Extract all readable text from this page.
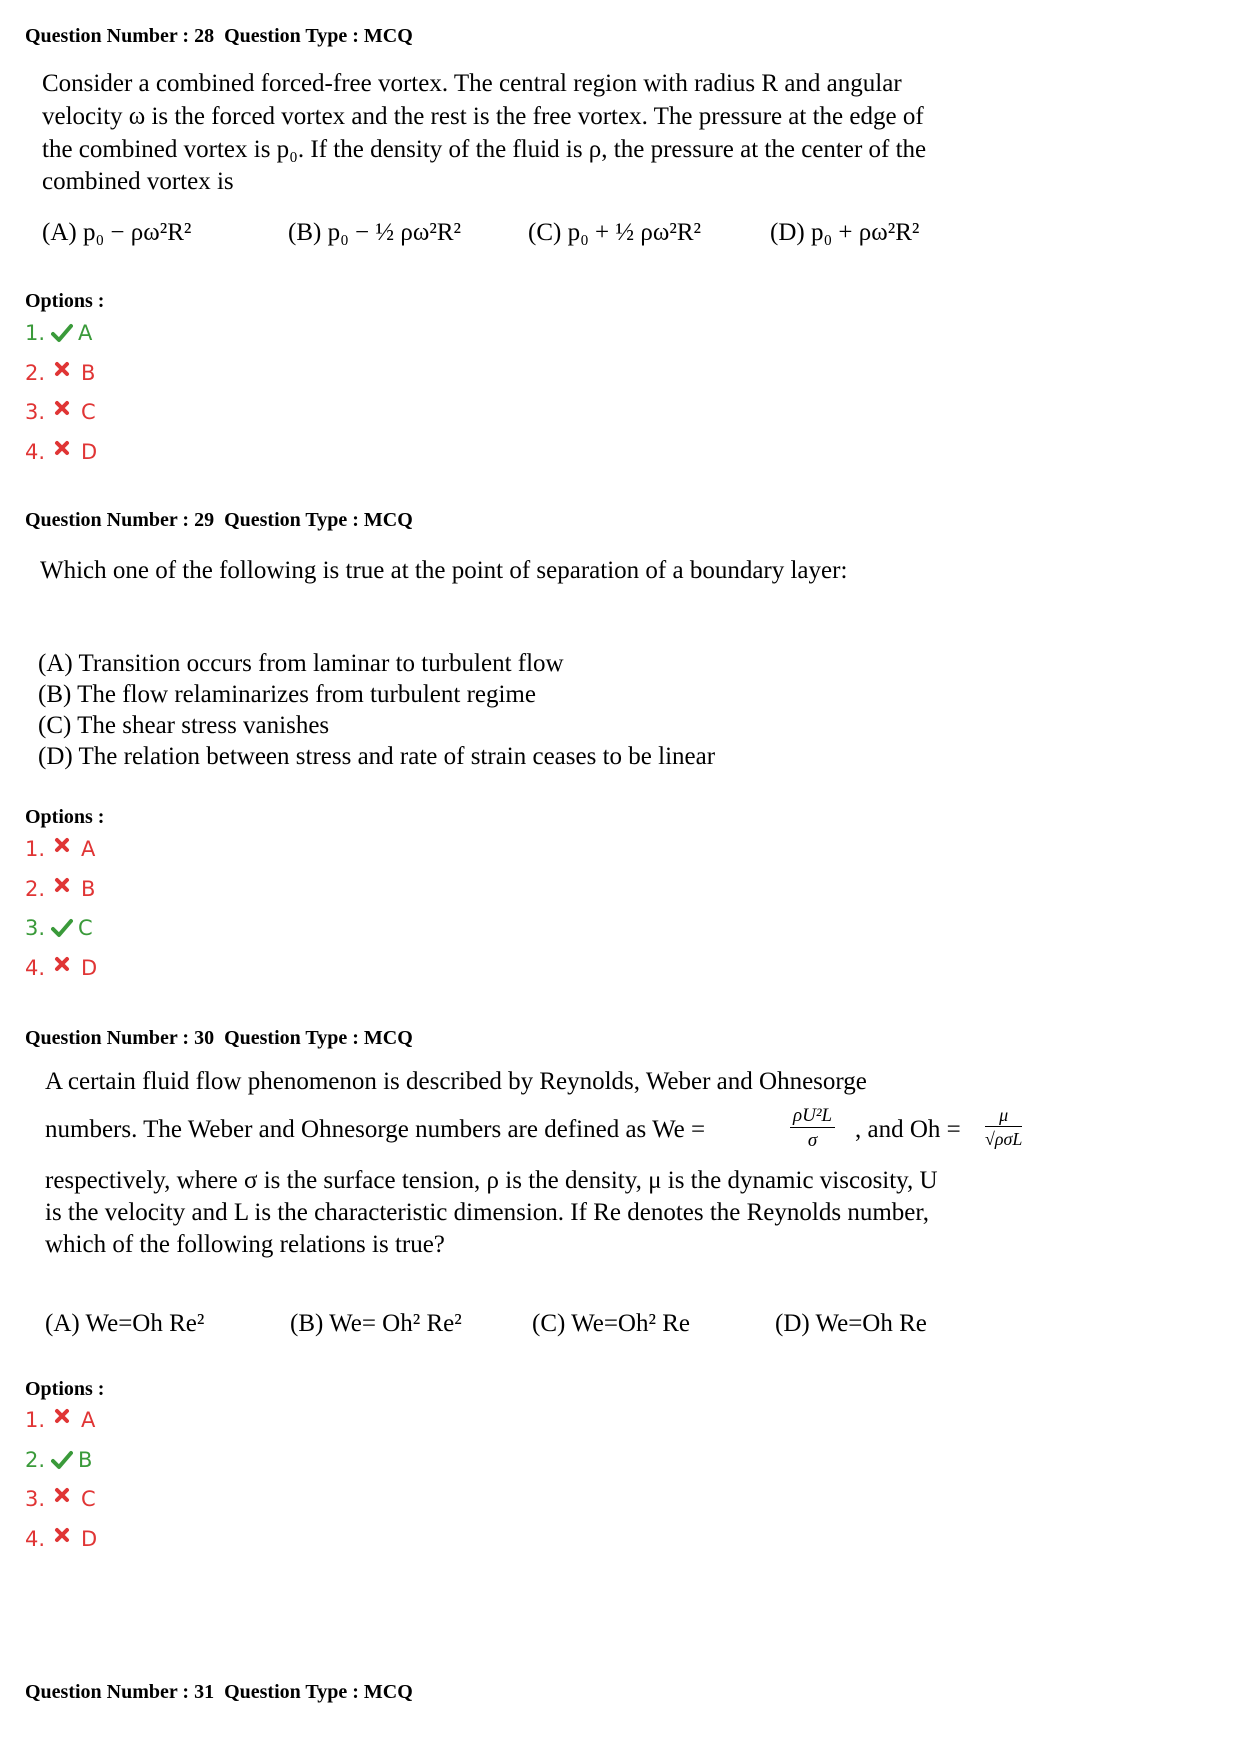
Question Number : 28  Question Type : MCQ
Consider a combined forced-free vortex. The central region with radius R and angular
velocity ω is the forced vortex and the rest is the free vortex. The pressure at the edge of
the combined vortex is p₀. If the density of the fluid is ρ, the pressure at the center of the
combined vortex is
(A) p₀ − ρω²R²	(B) p₀ − ½ ρω²R²	(C) p₀ + ½ ρω²R²	(D) p₀ + ρω²R²
Options :
1. A
2. B
3. C
4. D
Question Number : 29  Question Type : MCQ
Which one of the following is true at the point of separation of a boundary layer:
(A) Transition occurs from laminar to turbulent flow
(B) The flow relaminarizes from turbulent regime
(C) The shear stress vanishes
(D) The relation between stress and rate of strain ceases to be linear
Options :
1. A
2. B
3. C
4. D
Question Number : 30  Question Type : MCQ
A certain fluid flow phenomenon is described by Reynolds, Weber and Ohnesorge
numbers. The Weber and Ohnesorge numbers are defined as We =	$\frac{\text{ρU²L}}{\sigma}$ , and Oh =
μ
√ρσL
respectively, where σ is the surface tension, ρ is the density, μ is the dynamic viscosity, U
is the velocity and L is the characteristic dimension. If Re denotes the Reynolds number,
which of the following relations is true?
(A) We=Oh Re²	(B) We= Oh² Re²	(C) We=Oh² Re	(D) We=Oh Re
Options :
1. A
2. B
3. C
4. D
Question Number : 31  Question Type : MCQ
